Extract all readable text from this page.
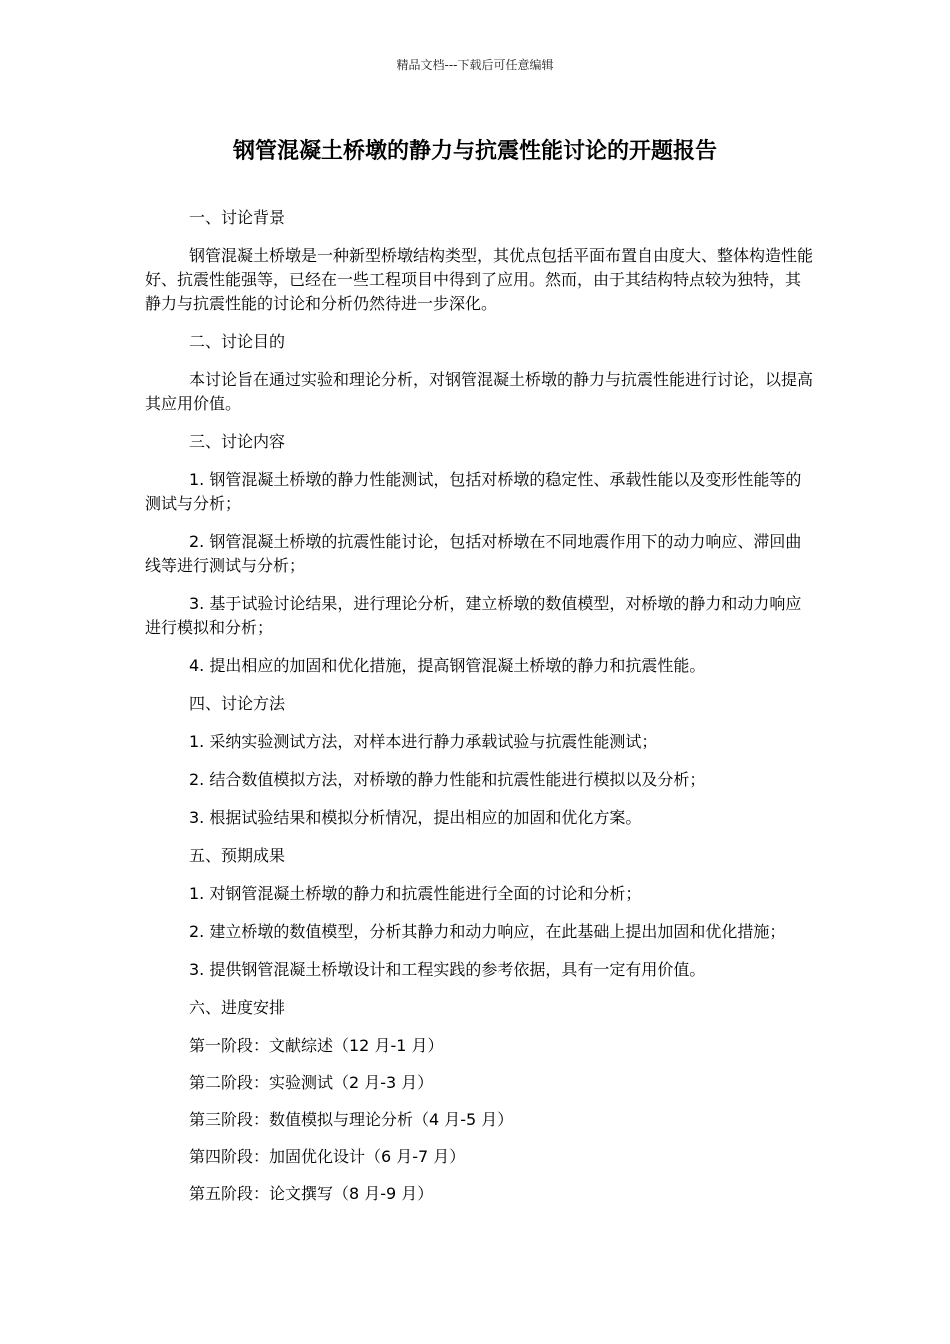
精品文档---下载后可任意编辑
钢管混凝土桥墩的静力与抗震性能讨论的开题报告

一、讨论背景

钢管混凝土桥墩是一种新型桥墩结构类型，其优点包括平面布置自由度大、整体构造性能好、抗震性能强等，已经在一些工程项目中得到了应用。然而，由于其结构特点较为独特，其静力与抗震性能的讨论和分析仍然待进一步深化。

二、讨论目的

本讨论旨在通过实验和理论分析，对钢管混凝土桥墩的静力与抗震性能进行讨论，以提高其应用价值。

三、讨论内容

1. 钢管混凝土桥墩的静力性能测试，包括对桥墩的稳定性、承载性能以及变形性能等的测试与分析；

2. 钢管混凝土桥墩的抗震性能讨论，包括对桥墩在不同地震作用下的动力响应、滞回曲线等进行测试与分析；

3. 基于试验讨论结果，进行理论分析，建立桥墩的数值模型，对桥墩的静力和动力响应进行模拟和分析；

4. 提出相应的加固和优化措施，提高钢管混凝土桥墩的静力和抗震性能。

四、讨论方法

1. 采纳实验测试方法，对样本进行静力承载试验与抗震性能测试；

2. 结合数值模拟方法，对桥墩的静力性能和抗震性能进行模拟以及分析；

3. 根据试验结果和模拟分析情况，提出相应的加固和优化方案。

五、预期成果

1. 对钢管混凝土桥墩的静力和抗震性能进行全面的讨论和分析；

2. 建立桥墩的数值模型，分析其静力和动力响应，在此基础上提出加固和优化措施；

3. 提供钢管混凝土桥墩设计和工程实践的参考依据，具有一定有用价值。

六、进度安排

第一阶段：文献综述（12 月-1 月）

第二阶段：实验测试（2 月-3 月）

第三阶段：数值模拟与理论分析（4 月-5 月）

第四阶段：加固优化设计（6 月-7 月）

第五阶段：论文撰写（8 月-9 月）
